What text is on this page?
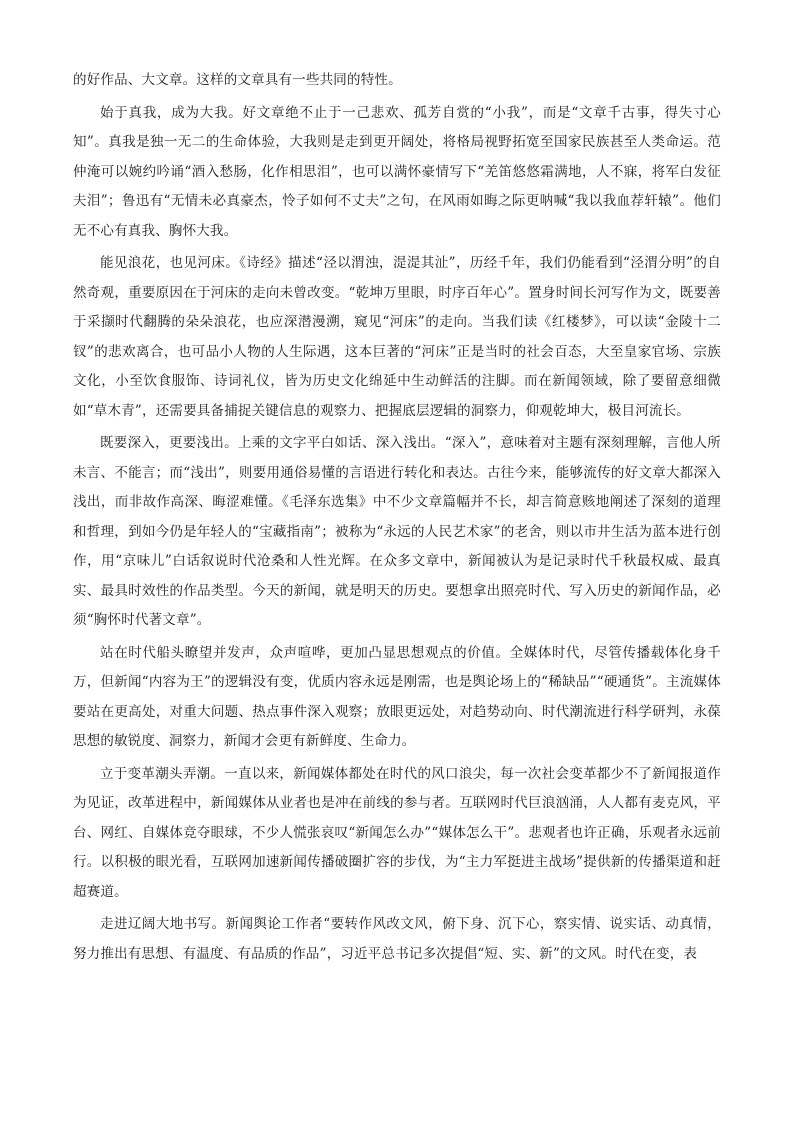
的好作品、大文章。这样的文章具有一些共同的特性。

始于真我，成为大我。好文章绝不止于一己悲欢、孤芳自赏的“小我”，而是“文章千古事，得失寸心知”。真我是独一无二的生命体验，大我则是走到更开阔处，将格局视野拓宽至国家民族甚至人类命运。范仲淹可以婉约吟诵“酒入愁肠，化作相思泪”，也可以满怀豪情写下“羌笛悠悠霜满地，人不寐，将军白发征夫泪”；鲁迅有“无情未必真豪杰，怜子如何不丈夫”之句，在风雨如晦之际更呐喊“我以我血荐轩辕”。他们无不心有真我、胸怀大我。

能见浪花，也见河床。《诗经》描述“泾以渭浊，湜湜其沚”，历经千年，我们仍能看到“泾渭分明”的自然奇观，重要原因在于河床的走向未曾改变。“乾坤万里眼，时序百年心”。置身时间长河写作为文，既要善于采撷时代翻腾的朵朵浪花，也应深潜漫溯，窥见“河床”的走向。当我们读《红楼梦》，可以读“金陵十二钗”的悲欢离合，也可品小人物的人生际遇，这本巨著的“河床”正是当时的社会百态，大至皇家官场、宗族文化，小至饮食服饰、诗词礼仪，皆为历史文化绵延中生动鲜活的注脚。而在新闻领域，除了要留意细微如“草木青”，还需要具备捕捉关键信息的观察力、把握底层逻辑的洞察力，仰观乾坤大，极目河流长。

既要深入，更要浅出。上乘的文字平白如话、深入浅出。“深入”，意味着对主题有深刻理解，言他人所未言、不能言；而“浅出”，则要用通俗易懂的言语进行转化和表达。古往今来，能够流传的好文章大都深入浅出，而非故作高深、晦涩难懂。《毛泽东选集》中不少文章篇幅并不长，却言简意赅地阐述了深刻的道理和哲理，到如今仍是年轻人的“宝藏指南”；被称为“永远的人民艺术家”的老舍，则以市井生活为蓝本进行创作，用“京味儿”白话叙说时代沧桑和人性光辉。在众多文章中，新闻被认为是记录时代千秋最权威、最真实、最具时效性的作品类型。今天的新闻，就是明天的历史。要想拿出照亮时代、写入历史的新闻作品，必须“胸怀时代著文章”。

站在时代船头瞭望并发声，众声喧哗，更加凸显思想观点的价值。全媒体时代，尽管传播载体化身千万，但新闻“内容为王”的逻辑没有变，优质内容永远是刚需，也是舆论场上的“稀缺品”“硬通货”。主流媒体要站在更高处，对重大问题、热点事件深入观察；放眼更远处，对趋势动向、时代潮流进行科学研判，永葆思想的敏锐度、洞察力，新闻才会更有新鲜度、生命力。

立于变革潮头弄潮。一直以来，新闻媒体都处在时代的风口浪尖，每一次社会变革都少不了新闻报道作为见证，改革进程中，新闻媒体从业者也是冲在前线的参与者。互联网时代巨浪汹涌，人人都有麦克风，平台、网红、自媒体竞夺眼球，不少人慌张哀叹“新闻怎么办”“媒体怎么干”。悲观者也许正确，乐观者永远前行。以积极的眼光看，互联网加速新闻传播破圈扩容的步伐，为“主力军挺进主战场”提供新的传播渠道和赶超赛道。

走进辽阔大地书写。新闻舆论工作者“要转作风改文风，俯下身、沉下心，察实情、说实话、动真情，努力推出有思想、有温度、有品质的作品”，习近平总书记多次提倡“短、实、新”的文风。时代在变，表
